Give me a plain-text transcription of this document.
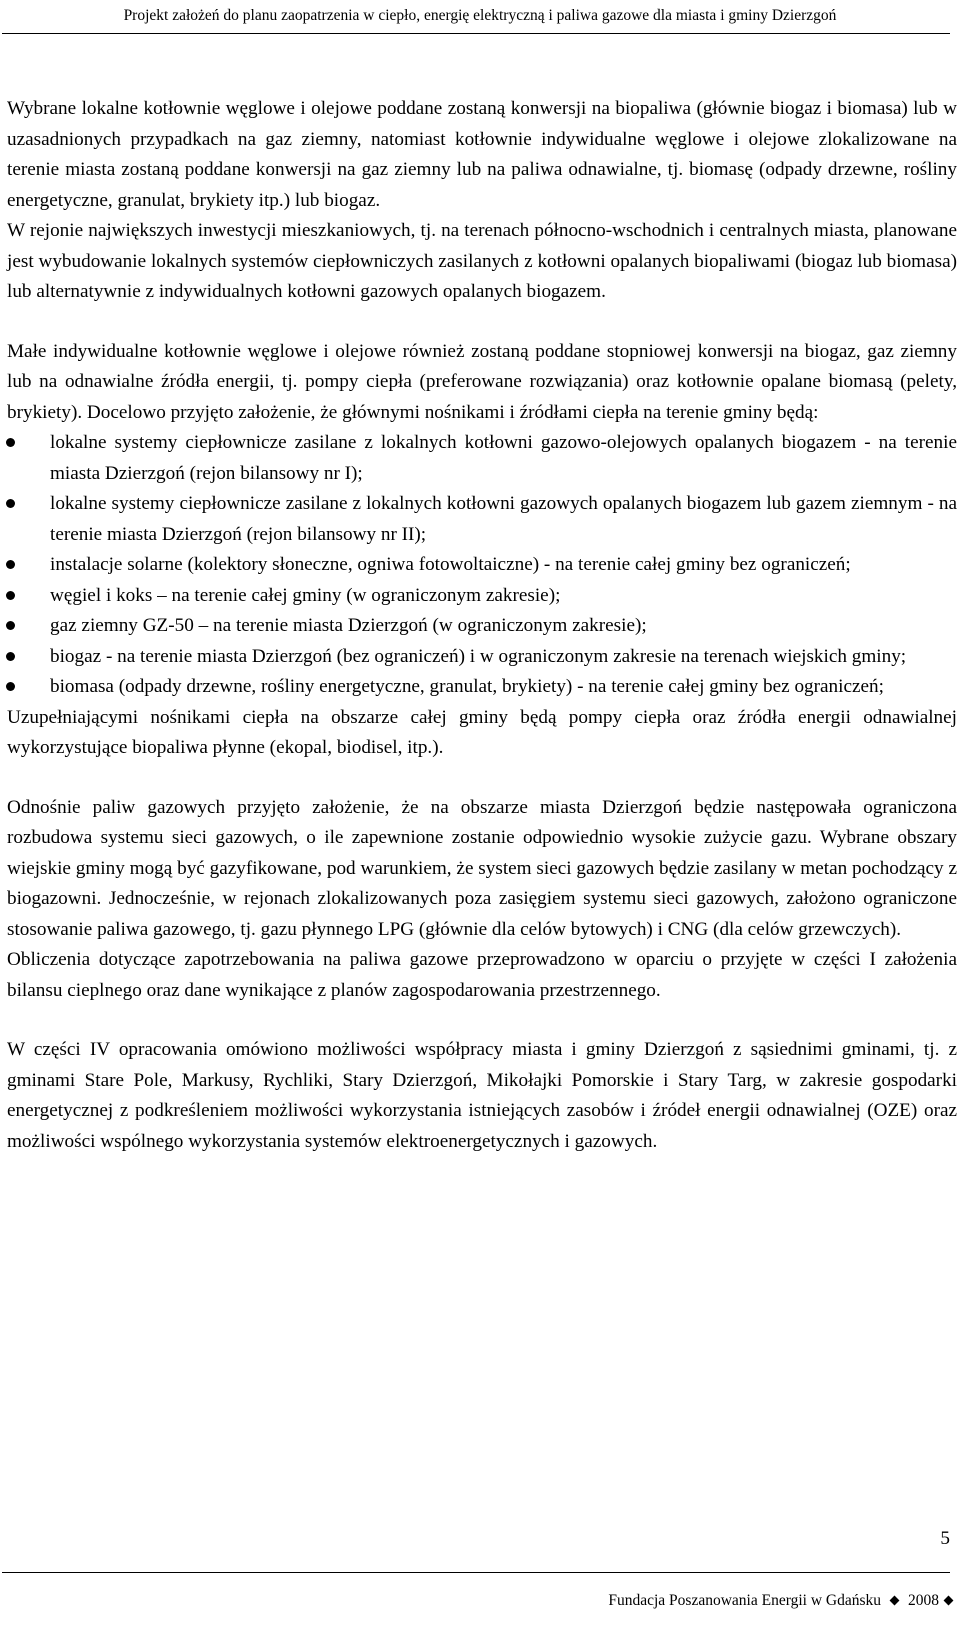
Projekt założeń do planu zaopatrzenia w ciepło, energię elektryczną i paliwa gazowe dla miasta i gminy Dzierzgoń

Wybrane lokalne kotłownie węglowe i olejowe poddane zostaną konwersji na biopaliwa (głównie biogaz i biomasa) lub w uzasadnionych przypadkach na gaz ziemny, natomiast kotłownie indywidualne węglowe i olejowe zlokalizowane na terenie miasta zostaną poddane konwersji na gaz ziemny lub na paliwa odnawialne, tj. biomasę (odpady drzewne, rośliny energetyczne, granulat, brykiety itp.) lub biogaz.

W rejonie największych inwestycji mieszkaniowych, tj. na terenach północno-wschodnich i centralnych miasta, planowane jest wybudowanie lokalnych systemów ciepłowniczych zasilanych z kotłowni opalanych biopaliwami (biogaz lub biomasa) lub alternatywnie z indywidualnych kotłowni gazowych opalanych biogazem.

Małe indywidualne kotłownie węglowe i olejowe również zostaną poddane stopniowej konwersji na biogaz, gaz ziemny lub na odnawialne źródła energii, tj. pompy ciepła (preferowane rozwiązania) oraz kotłownie opalane biomasą (pelety, brykiety). Docelowo przyjęto założenie, że głównymi nośnikami i źródłami ciepła na terenie gminy będą:

lokalne systemy ciepłownicze zasilane z lokalnych kotłowni gazowo-olejowych opalanych biogazem - na terenie miasta Dzierzgoń (rejon bilansowy nr I);
lokalne systemy ciepłownicze zasilane z lokalnych kotłowni gazowych opalanych biogazem lub gazem ziemnym - na terenie miasta Dzierzgoń (rejon bilansowy nr II);
instalacje solarne (kolektory słoneczne, ogniwa fotowoltaiczne) - na terenie całej gminy bez ograniczeń;
węgiel i koks – na terenie całej gminy (w ograniczonym zakresie);
gaz ziemny GZ-50 – na terenie miasta Dzierzgoń (w ograniczonym zakresie);
biogaz - na terenie miasta Dzierzgoń (bez ograniczeń) i w ograniczonym zakresie na terenach wiejskich gminy;
biomasa (odpady drzewne, rośliny energetyczne, granulat, brykiety) - na terenie całej gminy bez ograniczeń;

Uzupełniającymi nośnikami ciepła na obszarze całej gminy będą pompy ciepła oraz źródła energii odnawialnej wykorzystujące biopaliwa płynne (ekopal, biodisel, itp.).

Odnośnie paliw gazowych przyjęto założenie, że na obszarze miasta Dzierzgoń będzie następowała ograniczona rozbudowa systemu sieci gazowych, o ile zapewnione zostanie odpowiednio wysokie zużycie gazu. Wybrane obszary wiejskie gminy mogą być gazyfikowane, pod warunkiem, że system sieci gazowych będzie zasilany w metan pochodzący z biogazowni. Jednocześnie, w rejonach zlokalizowanych poza zasięgiem systemu sieci gazowych, założono ograniczone stosowanie paliwa gazowego, tj. gazu płynnego LPG (głównie dla celów bytowych) i CNG (dla celów grzewczych).

Obliczenia dotyczące zapotrzebowania na paliwa gazowe przeprowadzono w oparciu o przyjęte w części I założenia bilansu cieplnego oraz dane wynikające z planów zagospodarowania przestrzennego.

W części IV opracowania omówiono możliwości współpracy miasta i gminy Dzierzgoń z sąsiednimi gminami, tj. z gminami Stare Pole, Markusy, Rychliki, Stary Dzierzgoń, Mikołajki Pomorskie i Stary Targ, w zakresie gospodarki energetycznej z podkreśleniem możliwości wykorzystania istniejących zasobów i źródeł energii odnawialnej (OZE) oraz możliwości wspólnego wykorzystania systemów elektroenergetycznych i gazowych.

5
Fundacja Poszanowania Energii w Gdańsku 2008
